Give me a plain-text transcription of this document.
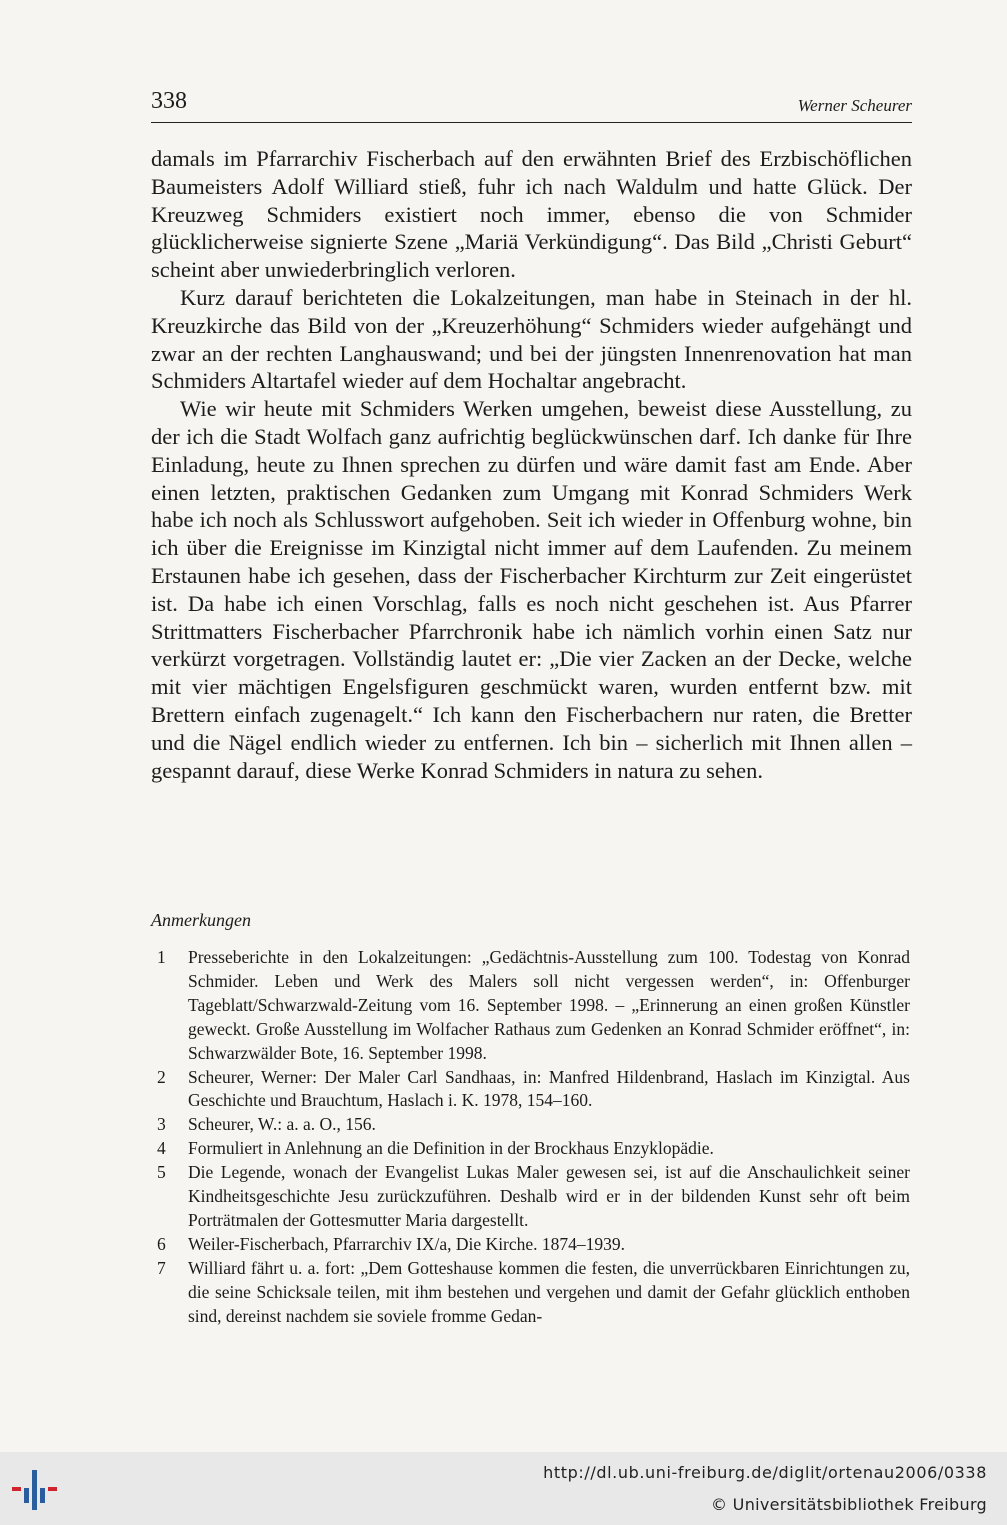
338	Werner Scheurer

damals im Pfarrarchiv Fischerbach auf den erwähnten Brief des Erzbischöflichen Baumeisters Adolf Williard stieß, fuhr ich nach Waldulm und hatte Glück. Der Kreuzweg Schmiders existiert noch immer, ebenso die von Schmider glücklicherweise signierte Szene „Mariä Verkündigung“. Das Bild „Christi Geburt“ scheint aber unwiederbringlich verloren.

Kurz darauf berichteten die Lokalzeitungen, man habe in Steinach in der hl. Kreuzkirche das Bild von der „Kreuzerhöhung“ Schmiders wieder aufgehängt und zwar an der rechten Langhauswand; und bei der jüngsten Innenrenovation hat man Schmiders Altartafel wieder auf dem Hochaltar angebracht.

Wie wir heute mit Schmiders Werken umgehen, beweist diese Ausstellung, zu der ich die Stadt Wolfach ganz aufrichtig beglückwünschen darf. Ich danke für Ihre Einladung, heute zu Ihnen sprechen zu dürfen und wäre damit fast am Ende. Aber einen letzten, praktischen Gedanken zum Umgang mit Konrad Schmiders Werk habe ich noch als Schlusswort aufgehoben. Seit ich wieder in Offenburg wohne, bin ich über die Ereignisse im Kinzigtal nicht immer auf dem Laufenden. Zu meinem Erstaunen habe ich gesehen, dass der Fischerbacher Kirchturm zur Zeit eingerüstet ist. Da habe ich einen Vorschlag, falls es noch nicht geschehen ist. Aus Pfarrer Strittmatters Fischerbacher Pfarrchronik habe ich nämlich vorhin einen Satz nur verkürzt vorgetragen. Vollständig lautet er: „Die vier Zacken an der Decke, welche mit vier mächtigen Engelsfiguren geschmückt waren, wurden entfernt bzw. mit Brettern einfach zugenagelt.“ Ich kann den Fischerbachern nur raten, die Bretter und die Nägel endlich wieder zu entfernen. Ich bin – sicherlich mit Ihnen allen – gespannt darauf, diese Werke Konrad Schmiders in natura zu sehen.

Anmerkungen
1 Presseberichte in den Lokalzeitungen: „Gedächtnis-Ausstellung zum 100. Todestag von Konrad Schmider. Leben und Werk des Malers soll nicht vergessen werden“, in: Offenburger Tageblatt/Schwarzwald-Zeitung vom 16. September 1998. – „Erinnerung an einen großen Künstler geweckt. Große Ausstellung im Wolfacher Rathaus zum Gedenken an Konrad Schmider eröffnet“, in: Schwarzwälder Bote, 16. September 1998.
2 Scheurer, Werner: Der Maler Carl Sandhaas, in: Manfred Hildenbrand, Haslach im Kinzigtal. Aus Geschichte und Brauchtum, Haslach i. K. 1978, 154–160.
3 Scheurer, W.: a. a. O., 156.
4 Formuliert in Anlehnung an die Definition in der Brockhaus Enzyklopädie.
5 Die Legende, wonach der Evangelist Lukas Maler gewesen sei, ist auf die Anschaulichkeit seiner Kindheitsgeschichte Jesu zurückzuführen. Deshalb wird er in der bildenden Kunst sehr oft beim Porträtmalen der Gottesmutter Maria dargestellt.
6 Weiler-Fischerbach, Pfarrarchiv IX/a, Die Kirche. 1874–1939.
7 Williard fährt u. a. fort: „Dem Gotteshause kommen die festen, die unverrückbaren Einrichtungen zu, die seine Schicksale teilen, mit ihm bestehen und vergehen und damit der Gefahr glücklich enthoben sind, dereinst nachdem sie soviele fromme Gedan-
http://dl.ub.uni-freiburg.de/diglit/ortenau2006/0338
© Universitätsbibliothek Freiburg
